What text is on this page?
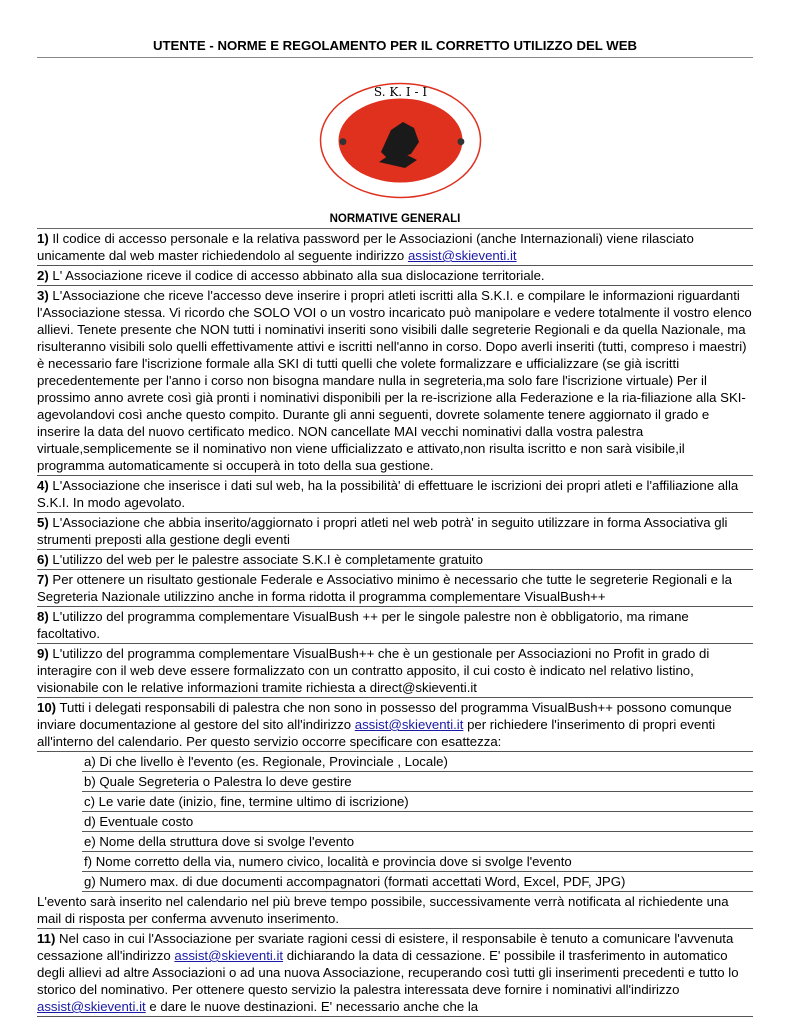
UTENTE - NORME E REGOLAMENTO PER IL CORRETTO UTILIZZO DEL WEB
S. K. I - I
●	●
NORMATIVE GENERALI
1) Il codice di accesso personale e la relativa password per le Associazioni (anche Internazionali) viene rilasciato unicamente dal web master richiedendolo al seguente indirizzo assist@skieventi.it
2) L' Associazione riceve il codice di accesso abbinato alla sua dislocazione territoriale.
3) L'Associazione che riceve l'accesso deve inserire i propri atleti iscritti alla S.K.I. e compilare le informazioni riguardanti l'Associazione stessa. Vi ricordo che SOLO VOI o un vostro incaricato può manipolare e vedere totalmente il vostro elenco allievi. Tenete presente che NON tutti i nominativi inseriti sono visibili dalle segreterie Regionali e da quella Nazionale, ma risulteranno visibili solo quelli effettivamente attivi e iscritti nell'anno in corso. Dopo averli inseriti (tutti, compreso i maestri) è necessario fare l'iscrizione formale alla SKI di tutti quelli che volete formalizzare e ufficializzare (se già iscritti precedentemente per l'anno i corso non bisogna mandare nulla in segreteria,ma solo fare l'iscrizione virtuale) Per il prossimo anno avrete così già pronti i nominativi disponibili per la re-iscrizione alla Federazione e la ria-filiazione alla SKI- agevolandovi così anche questo compito. Durante gli anni seguenti, dovrete solamente tenere aggiornato il grado e inserire la data del nuovo certificato medico. NON cancellate MAI vecchi nominativi dalla vostra palestra virtuale,semplicemente se il nominativo non viene ufficializzato e attivato,non risulta iscritto e non sarà visibile,il programma automaticamente si occuperà in toto della sua gestione.
4) L'Associazione che inserisce i dati sul web, ha la possibilità' di effettuare le iscrizioni dei propri atleti e l'affiliazione alla S.K.I. In modo agevolato.
5) L'Associazione che abbia inserito/aggiornato i propri atleti nel web potrà' in seguito utilizzare in forma Associativa gli strumenti preposti alla gestione degli eventi
6) L'utilizzo del web per le palestre associate S.K.I è completamente gratuito
7) Per ottenere un risultato gestionale Federale e Associativo minimo è necessario che tutte le segreterie Regionali e la Segreteria Nazionale utilizzino anche in forma ridotta il programma complementare VisualBush++
8) L'utilizzo del programma complementare VisualBush ++ per le singole palestre non è obbligatorio, ma rimane facoltativo.
9) L'utilizzo del programma complementare VisualBush++ che è un gestionale per Associazioni no Profit in grado di interagire con il web deve essere formalizzato con un contratto apposito, il cui costo è indicato nel relativo listino, visionabile con le relative informazioni tramite richiesta a direct@skieventi.it
10) Tutti i delegati responsabili di palestra che non sono in possesso del programma VisualBush++ possono comunque inviare documentazione al gestore del sito all'indirizzo assist@skieventi.it per richiedere l'inserimento di propri eventi all'interno del calendario. Per questo servizio occorre specificare con esattezza:
a) Di che livello è l'evento (es. Regionale, Provinciale , Locale)
b) Quale Segreteria o Palestra lo deve gestire
c) Le varie date (inizio, fine, termine ultimo di iscrizione)
d) Eventuale costo
e) Nome della struttura dove si svolge l'evento
f) Nome corretto della via, numero civico, località e provincia dove si svolge l'evento
g) Numero max. di due documenti accompagnatori (formati accettati Word, Excel, PDF, JPG)
L'evento sarà inserito nel calendario nel più breve tempo possibile, successivamente verrà notificata al richiedente una mail di risposta per conferma avvenuto inserimento.
11) Nel caso in cui l'Associazione per svariate ragioni cessi di esistere, il responsabile è tenuto a comunicare l'avvenuta cessazione all'indirizzo assist@skieventi.it dichiarando la data di cessazione. E' possibile il trasferimento in automatico degli allievi ad altre Associazioni o ad una nuova Associazione, recuperando così tutti gli inserimenti precedenti e tutto lo storico del nominativo. Per ottenere questo servizio la palestra interessata deve fornire i nominativi all'indirizzo assist@skieventi.it e dare le nuove destinazioni. E' necessario anche che la
